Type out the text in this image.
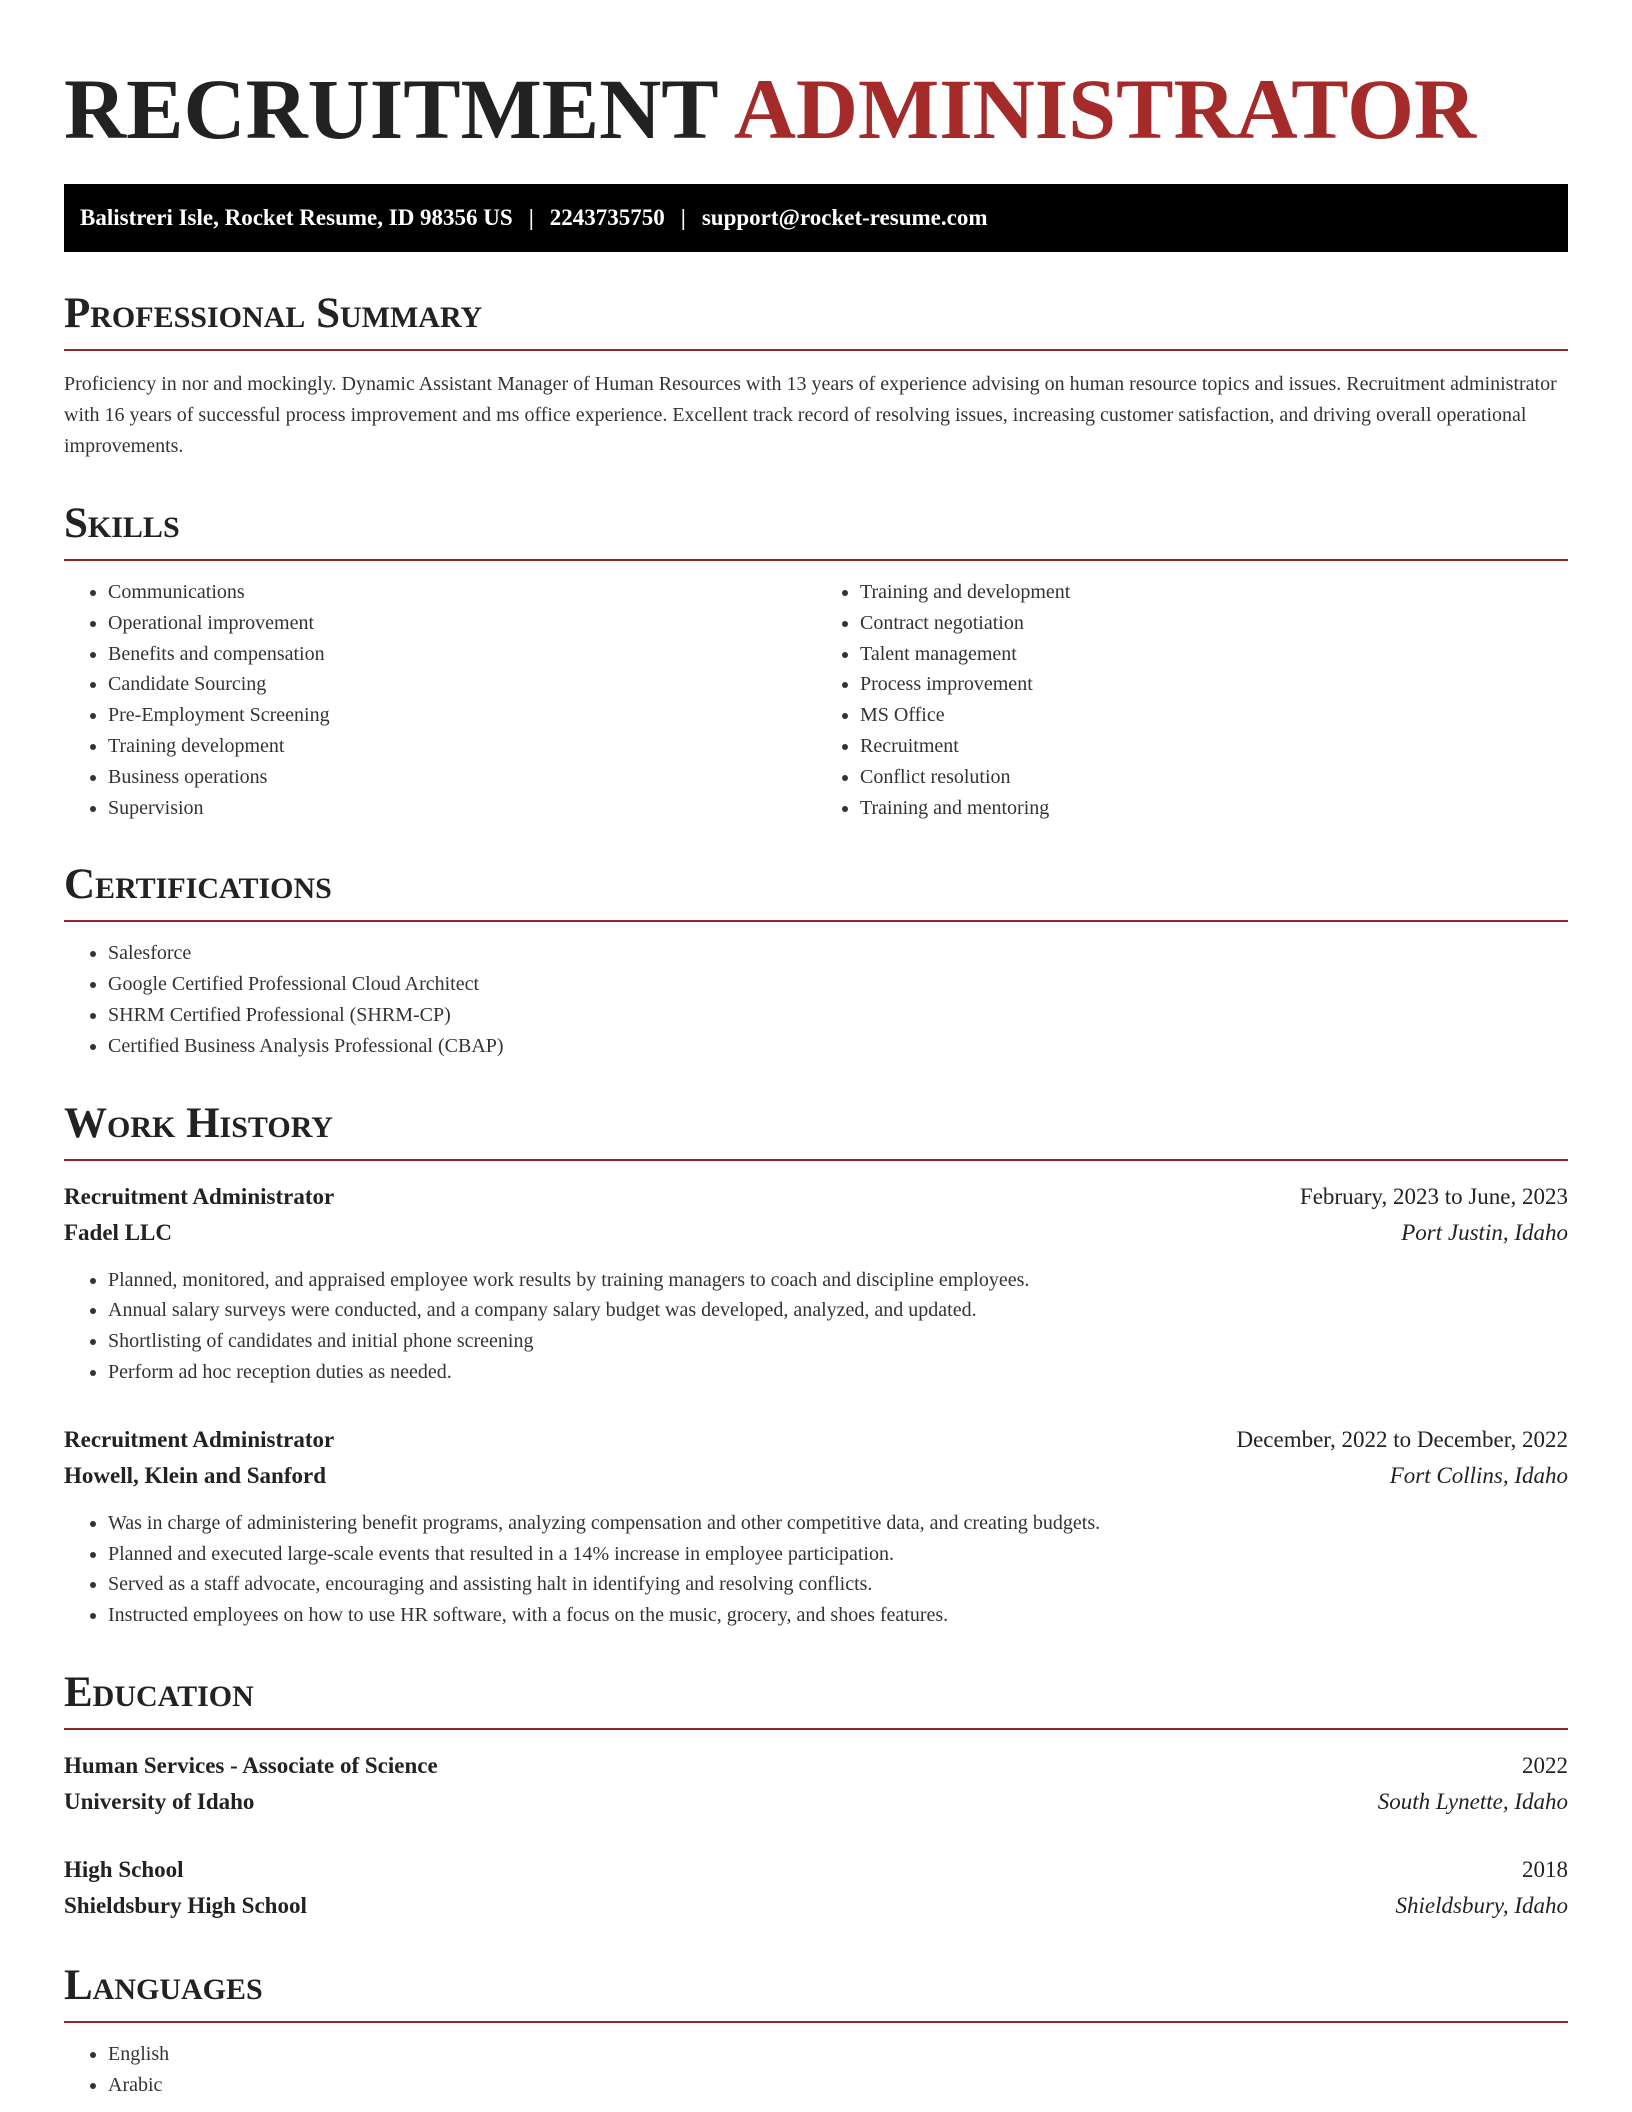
RECRUITMENT ADMINISTRATOR
Balistreri Isle, Rocket Resume, ID 98356 US | 2243735750 | support@rocket-resume.com
Professional Summary

Proficiency in nor and mockingly. Dynamic Assistant Manager of Human Resources with 13 years of experience advising on human resource topics and issues. Recruitment administrator with 16 years of successful process improvement and ms office experience. Excellent track record of resolving issues, increasing customer satisfaction, and driving overall operational improvements.

Skills
• Communications
• Operational improvement
• Benefits and compensation
• Candidate Sourcing
• Pre-Employment Screening
• Training development
• Business operations
• Supervision
• Training and development
• Contract negotiation
• Talent management
• Process improvement
• MS Office
• Recruitment
• Conflict resolution
• Training and mentoring
Certifications
• Salesforce
• Google Certified Professional Cloud Architect
• SHRM Certified Professional (SHRM-CP)
• Certified Business Analysis Professional (CBAP)
Work History
Recruitment Administrator	February, 2023 to June, 2023
Fadel LLC	Port Justin, Idaho
• Planned, monitored, and appraised employee work results by training managers to coach and discipline employees.
• Annual salary surveys were conducted, and a company salary budget was developed, analyzed, and updated.
• Shortlisting of candidates and initial phone screening
• Perform ad hoc reception duties as needed.
Recruitment Administrator	December, 2022 to December, 2022
Howell, Klein and Sanford	Fort Collins, Idaho
• Was in charge of administering benefit programs, analyzing compensation and other competitive data, and creating budgets.
• Planned and executed large-scale events that resulted in a 14% increase in employee participation.
• Served as a staff advocate, encouraging and assisting halt in identifying and resolving conflicts.
• Instructed employees on how to use HR software, with a focus on the music, grocery, and shoes features.
Education
Human Services - Associate of Science	2022
University of Idaho	South Lynette, Idaho
High School	2018
Shieldsbury High School	Shieldsbury, Idaho
Languages
• English
• Arabic
